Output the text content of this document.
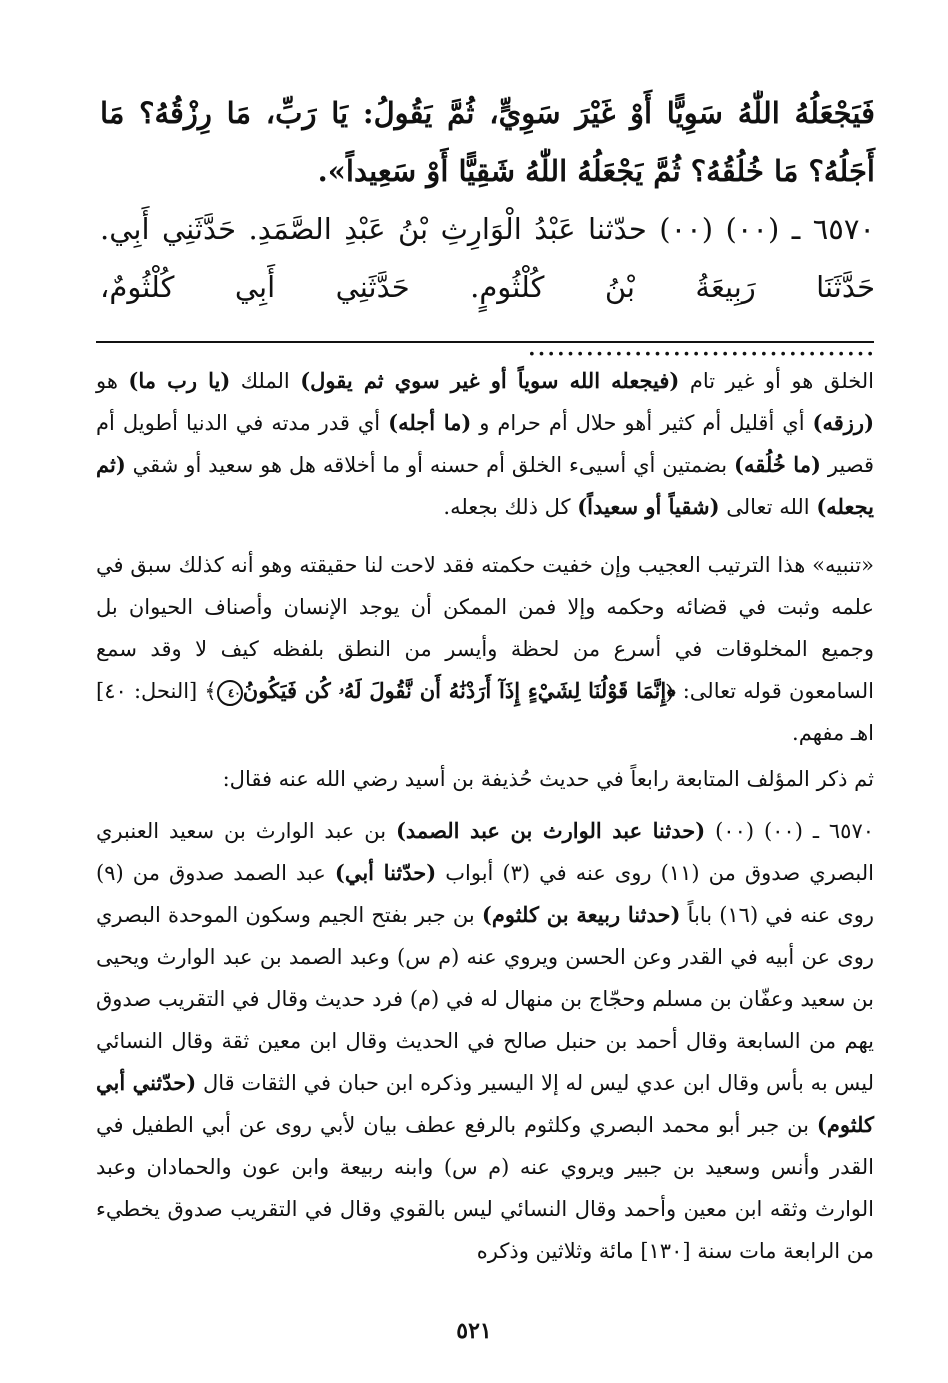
فَيَجْعَلُهُ اللّٰهُ سَوِيًّا أَوْ غَيْرَ سَوِيٍّ، ثُمَّ يَقُولُ: يَا رَبِّ، مَا رِزْقُهُ؟ مَا أَجَلُهُ؟ مَا خُلُقُهُ؟ ثُمَّ يَجْعَلُهُ اللّٰهُ شَقِيًّا أَوْ سَعِيداً».
٦٥٧٠ ـ (٠٠) (٠٠) حدّثنا عَبْدُ الْوَارِثِ بْنُ عَبْدِ الصَّمَدِ. حَدَّثَنِي أَبِي. حَدَّثَنَا رَبِيعَةُ بْنُ كُلْثُومٍ. حَدَّثَنِي أَبِي كُلْثُومٌ، ………………………………
الخلق هو أو غير تام (فيجعله الله سوياً أو غير سوي ثم يقول) الملك (يا رب ما) هو (رزقه) أي أقليل أم كثير أهو حلال أم حرام و (ما أجله) أي قدر مدته في الدنيا أطويل أم قصير (ما خُلُقه) بضمتين أي أسيىء الخلق أم حسنه أو ما أخلاقه هل هو سعيد أو شقي (ثم يجعله) الله تعالى (شقياً أو سعيداً) كل ذلك بجعله.
«تنبيه» هذا الترتيب العجيب وإن خفيت حكمته فقد لاحت لنا حقيقته وهو أنه كذلك سبق في علمه وثبت في قضائه وحكمه وإلا فمن الممكن أن يوجد الإنسان وأصناف الحيوان بل وجميع المخلوقات في أسرع من لحظة وأيسر من النطق بلفظه كيف لا وقد سمع السامعون قوله تعالى: ﴿إِنَّمَا قَوْلُنَا لِشَيْءٍ إِذَآ أَرَدْنَٰهُ أَن نَّقُولَ لَهُۥ كُن فَيَكُونُ٤٠﴾ [النحل: ٤٠] اهـ مفهم.
ثم ذكر المؤلف المتابعة رابعاً في حديث حُذيفة بن أسيد رضي الله عنه فقال:
٦٥٧٠ ـ (٠٠) (٠٠) (حدثنا عبد الوارث بن عبد الصمد) بن عبد الوارث بن سعيد العنبري البصري صدوق من (١١) روى عنه في (٣) أبواب (حدّثنا أبي) عبد الصمد صدوق من (٩) روى عنه في (١٦) باباً (حدثنا ربيعة بن كلثوم) بن جبر بفتح الجيم وسكون الموحدة البصري روى عن أبيه في القدر وعن الحسن ويروي عنه (م س) وعبد الصمد بن عبد الوارث ويحيى بن سعيد وعفّان بن مسلم وحجّاج بن منهال له في (م) فرد حديث وقال في التقريب صدوق يهم من السابعة وقال أحمد بن حنبل صالح في الحديث وقال ابن معين ثقة وقال النسائي ليس به بأس وقال ابن عدي ليس له إلا اليسير وذكره ابن حبان في الثقات قال (حدّثني أبي كلثوم) بن جبر أبو محمد البصري وكلثوم بالرفع عطف بيان لأبي روى عن أبي الطفيل في القدر وأنس وسعيد بن جبير ويروي عنه (م س) وابنه ربيعة وابن عون والحمادان وعبد الوارث وثقه ابن معين وأحمد وقال النسائي ليس بالقوي وقال في التقريب صدوق يخطيء من الرابعة مات سنة [١٣٠] مائة وثلاثين وذكره
٥٢١
